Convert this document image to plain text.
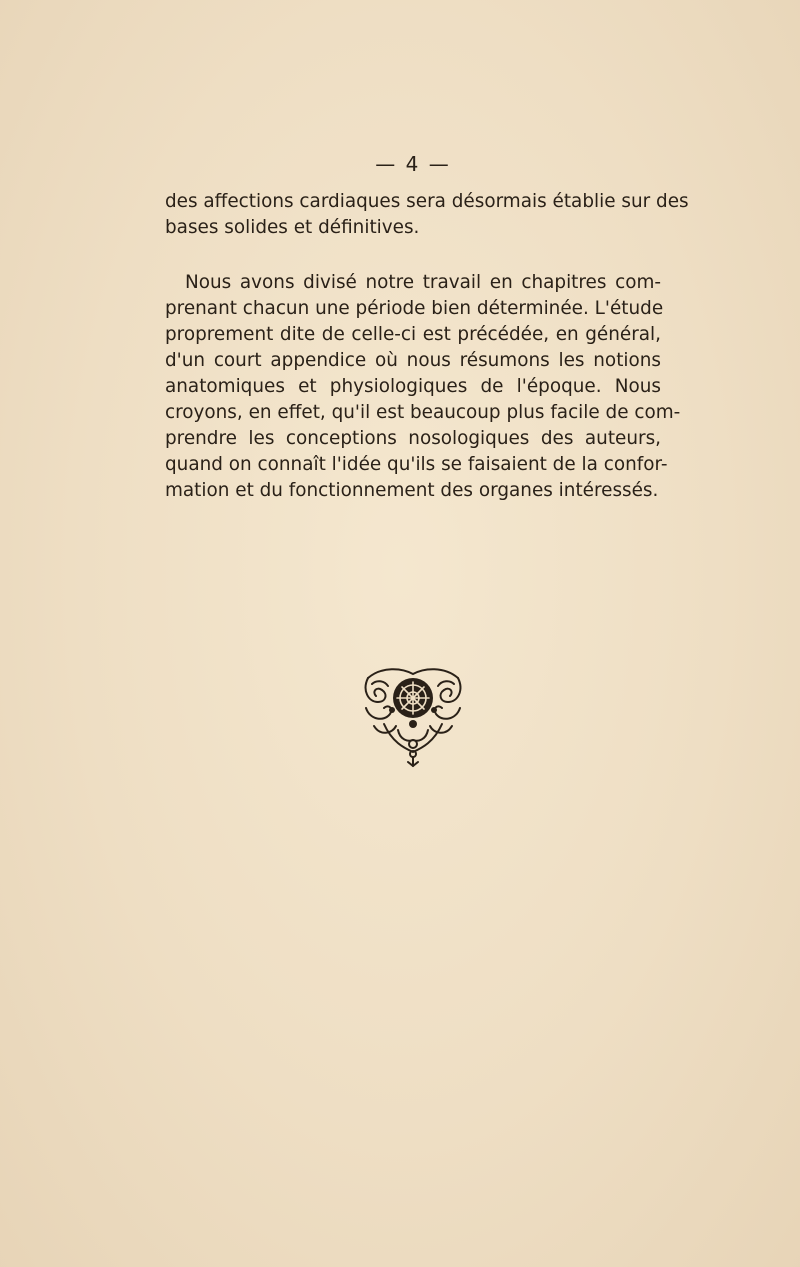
— 4 —

des affections cardiaques sera désormais établie sur des
bases solides et définitives.

Nous avons divisé notre travail en chapitres com-
prenant chacun une période bien déterminée. L'étude
proprement dite de celle-ci est précédée, en général,
d'un court appendice où nous résumons les notions
anatomiques et physiologiques de l'époque. Nous
croyons, en effet, qu'il est beaucoup plus facile de com-
prendre les conceptions nosologiques des auteurs,
quand on connaît l'idée qu'ils se faisaient de la confor-
mation et du fonctionnement des organes intéressés.
